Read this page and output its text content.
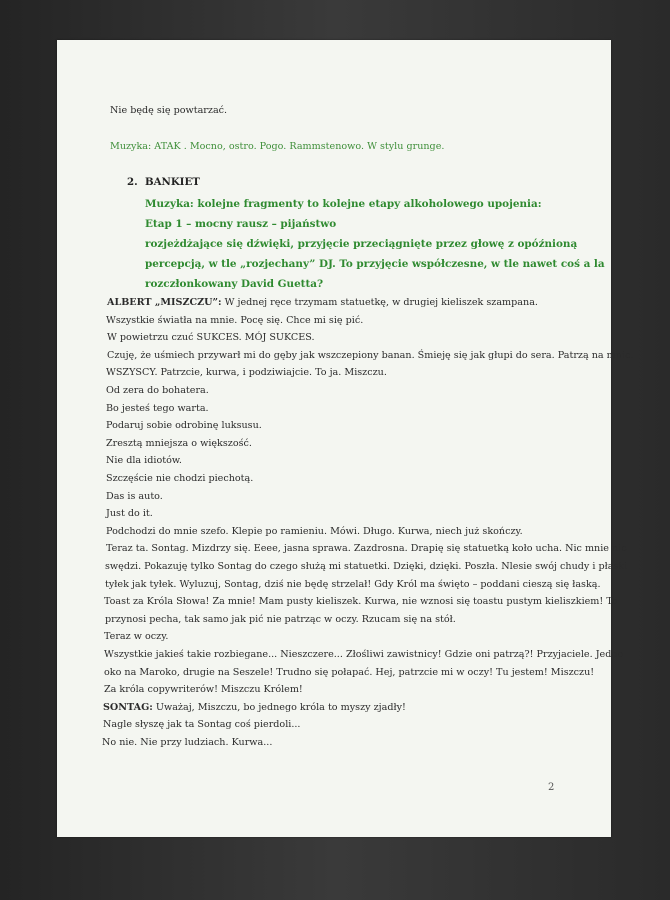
Nie będę się powtarzać.
Muzyka: ATAK . Mocno, ostro. Pogo. Rammstenowo. W stylu grunge.
2. BANKIET
Muzyka: kolejne fragmenty to kolejne etapy alkoholowego upojenia:
Etap 1 – mocny rausz – pijaństwo
rozjeżdżające się dźwięki, przyjęcie przeciągnięte przez głowę z opóźnioną
percepcją, w tle „rozjechany” DJ. To przyjęcie współczesne, w tle nawet coś a la
rozczłonkowany David Guetta?
ALBERT „MISZCZU”: W jednej ręce trzymam statuetkę, w drugiej kieliszek szampana.
Wszystkie światła na mnie. Pocę się. Chce mi się pić.
W powietrzu czuć SUKCES. MÓJ SUKCES.
Czuję, że uśmiech przywarł mi do gęby jak wszczepiony banan. Śmieję się jak głupi do sera. Patrzą na mnie.
WSZYSCY. Patrzcie, kurwa, i podziwiajcie. To ja. Miszczu.
Od zera do bohatera.
Bo jesteś tego warta.
Podaruj sobie odrobinę luksusu.
Zresztą mniejsza o większość.
Nie dla idiotów.
Szczęście nie chodzi piechotą.
Das is auto.
Just do it.
Podchodzi do mnie szefo. Klepie po ramieniu. Mówi. Długo. Kurwa, niech już skończy.
Teraz ta. Sontag. Mizdrzy się. Eeee, jasna sprawa. Zazdrosna. Drapię się statuetką koło ucha. Nic mnie nie
swędzi. Pokazuję tylko Sontag do czego służą mi statuetki. Dzięki, dzięki. Poszła. Nlesie swój chudy i płaski
tyłek jak tyłek. Wyluzuj, Sontag, dziś nie będę strzelał! Gdy Król ma święto – poddani cieszą się łaską.
Toast za Króla Słowa! Za mnie! Mam pusty kieliszek. Kurwa, nie wznosi się toastu pustym kieliszkiem! To
przynosi pecha, tak samo jak pić nie patrząc w oczy. Rzucam się na stół.
Teraz w oczy.
Wszystkie jakieś takie rozbiegane... Nieszczere... Złośliwi zawistnicy! Gdzie oni patrzą?! Przyjaciele. Jedno
oko na Maroko, drugie na Seszele! Trudno się połapać. Hej, patrzcie mi w oczy! Tu jestem! Miszczu!
Za króla copywriterów! Miszczu Królem!
SONTAG: Uważaj, Miszczu, bo jednego króla to myszy zjadły!
Nagle słyszę jak ta Sontag coś pierdoli...
No nie. Nie przy ludziach. Kurwa...
2
